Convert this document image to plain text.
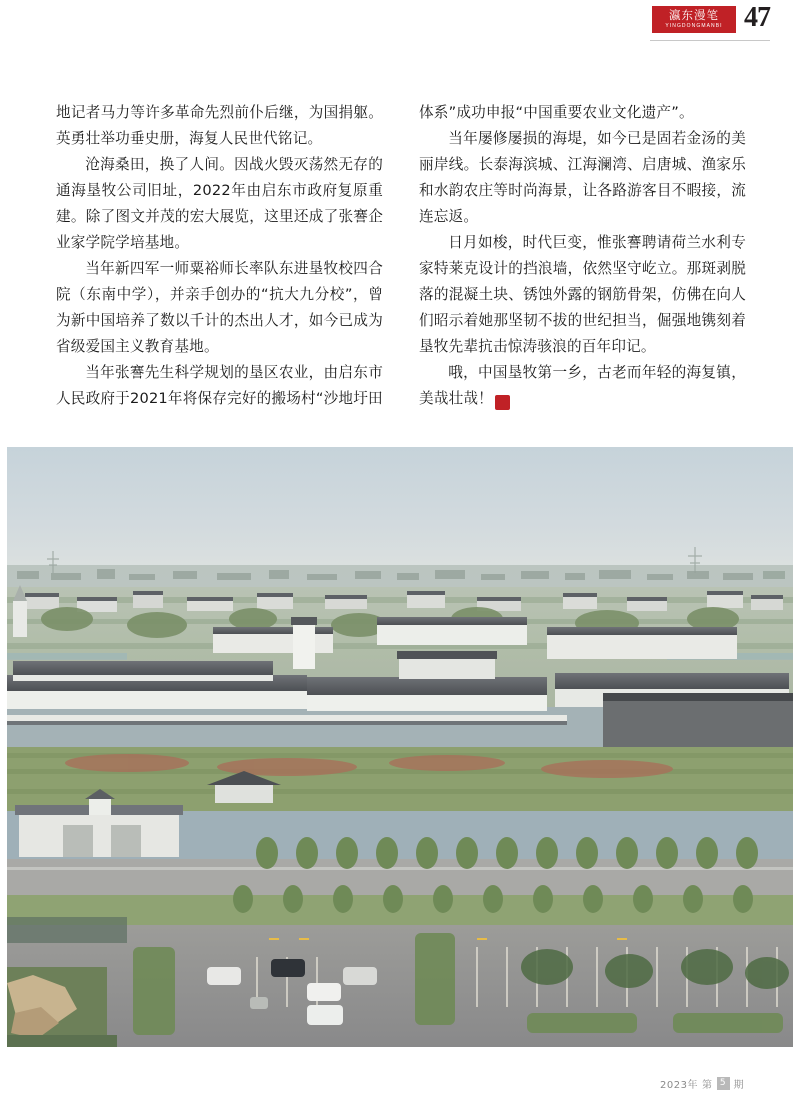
瀛东漫笔
YINGDONGMANBI 47

地记者马力等许多革命先烈前仆后继，为国捐躯。英勇壮举功垂史册，海复人民世代铭记。

沧海桑田，换了人间。因战火毁灭荡然无存的通海垦牧公司旧址，2022年由启东市政府复原重建。除了图文并茂的宏大展览，这里还成了张謇企业家学院学培基地。

当年新四军一师粟裕师长率队东进垦牧校四合院（东南中学），并亲手创办的“抗大九分校”，曾为新中国培养了数以千计的杰出人才，如今已成为省级爱国主义教育基地。

当年张謇先生科学规划的垦区农业，由启东市人民政府于2021年将保存完好的搬场村“沙地圩田

体系”成功申报“中国重要农业文化遗产”。

当年屡修屡损的海堤，如今已是固若金汤的美丽岸线。长泰海滨城、江海澜湾、启唐城、渔家乐和水韵农庄等时尚海景，让各路游客目不暇接，流连忘返。

日月如梭，时代巨变，惟张謇聘请荷兰水利专家特莱克设计的挡浪墙，依然坚守屹立。那斑剥脱落的混凝土块、锈蚀外露的钢筋骨架，仿佛在向人们昭示着她那坚韧不拔的世纪担当，倔强地镌刻着垦牧先辈抗击惊涛骇浪的百年印记。

哦，中国垦牧第一乡，古老而年轻的海复镇，美哉壮哉！	印

2023年 第 5 期
